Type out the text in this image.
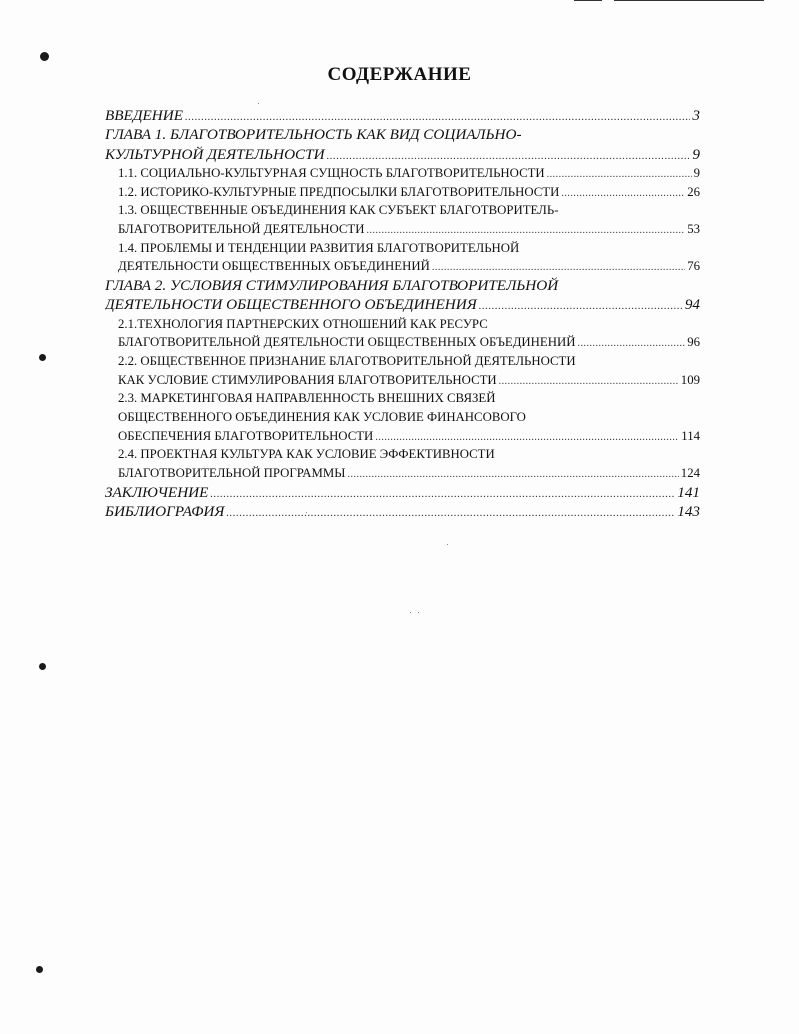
СОДЕРЖАНИЕ
ВВЕДЕНИЕ .....	3
ГЛАВА 1. БЛАГОТВОРИТЕЛЬНОСТЬ КАК ВИД СОЦИАЛЬНО-
КУЛЬТУРНОЙ ДЕЯТЕЛЬНОСТИ .....	9
1.1. СОЦИАЛЬНО-КУЛЬТУРНАЯ СУЩНОСТЬ БЛАГОТВОРИТЕЛЬНОСТИ .....	9
1.2. ИСТОРИКО-КУЛЬТУРНЫЕ ПРЕДПОСЫЛКИ БЛАГОТВОРИТЕЛЬНОСТИ .....	26
1.3. ОБЩЕСТВЕННЫЕ ОБЪЕДИНЕНИЯ КАК СУБЪЕКТ БЛАГОТВОРИТЕЛЬ-
БЛАГОТВОРИТЕЛЬНОЙ ДЕЯТЕЛЬНОСТИ .....	53
1.4. ПРОБЛЕМЫ И ТЕНДЕНЦИИ РАЗВИТИЯ БЛАГОТВОРИТЕЛЬНОЙ
ДЕЯТЕЛЬНОСТИ ОБЩЕСТВЕННЫХ ОБЪЕДИНЕНИЙ .....	76
ГЛАВА 2. УСЛОВИЯ СТИМУЛИРОВАНИЯ БЛАГОТВОРИТЕЛЬНОЙ
ДЕЯТЕЛЬНОСТИ ОБЩЕСТВЕННОГО ОБЪЕДИНЕНИЯ .....	94
2.1.ТЕХНОЛОГИЯ ПАРТНЕРСКИХ ОТНОШЕНИЙ КАК РЕСУРС
БЛАГОТВОРИТЕЛЬНОЙ ДЕЯТЕЛЬНОСТИ ОБЩЕСТВЕННЫХ ОБЪЕДИНЕНИЙ .....	96
2.2. ОБЩЕСТВЕННОЕ ПРИЗНАНИЕ БЛАГОТВОРИТЕЛЬНОЙ ДЕЯТЕЛЬНОСТИ
КАК УСЛОВИЕ СТИМУЛИРОВАНИЯ БЛАГОТВОРИТЕЛЬНОСТИ .....	109
2.3. МАРКЕТИНГОВАЯ НАПРАВЛЕННОСТЬ ВНЕШНИХ СВЯЗЕЙ
ОБЩЕСТВЕННОГО ОБЪЕДИНЕНИЯ КАК УСЛОВИЕ ФИНАНСОВОГО
ОБЕСПЕЧЕНИЯ БЛАГОТВОРИТЕЛЬНОСТИ .....	114
2.4. ПРОЕКТНАЯ КУЛЬТУРА КАК УСЛОВИЕ ЭФФЕКТИВНОСТИ
БЛАГОТВОРИТЕЛЬНОЙ ПРОГРАММЫ .....	124
ЗАКЛЮЧЕНИЕ .....	141
БИБЛИОГРАФИЯ .....	143
